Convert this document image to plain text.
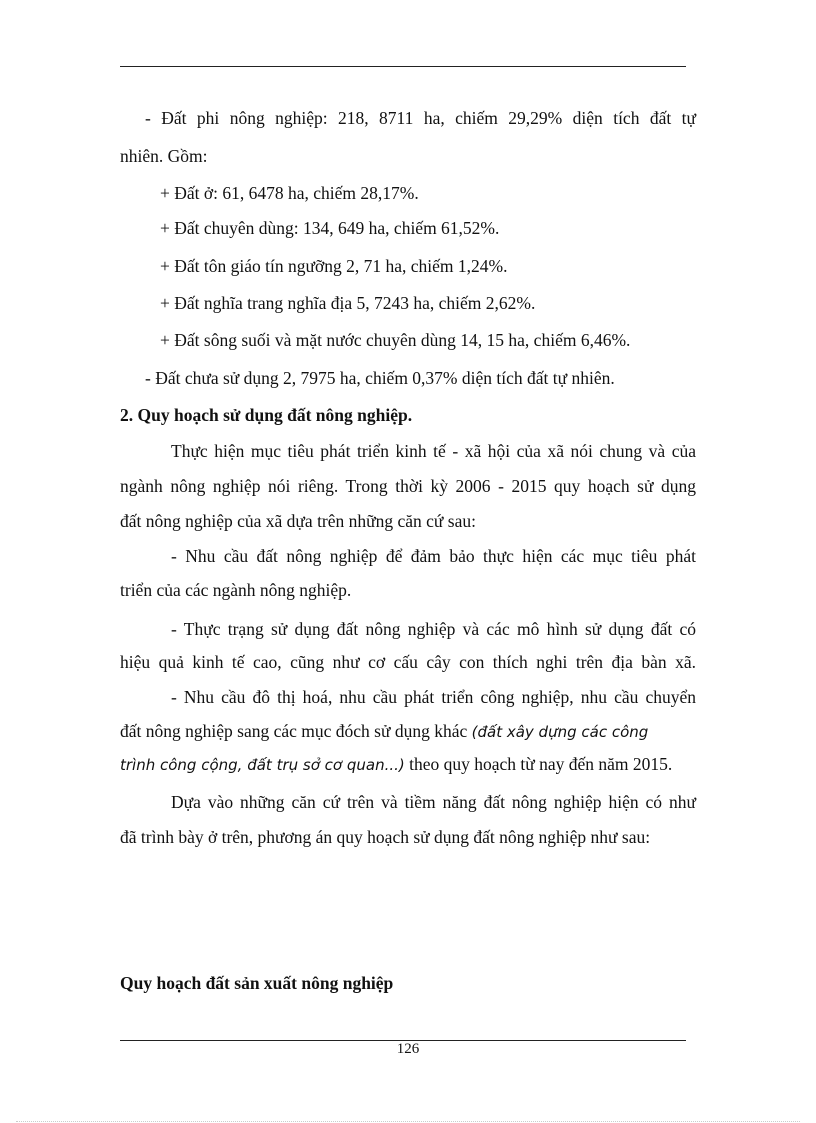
- Đất phi nông nghiệp: 218, 8711 ha, chiếm 29,29% diện tích đất tự
nhiên. Gồm:
+ Đất ở: 61, 6478 ha, chiếm 28,17%.
+ Đất chuyên dùng: 134, 649 ha, chiếm 61,52%.
+ Đất tôn giáo tín ngưỡng 2, 71 ha, chiếm 1,24%.
+ Đất nghĩa trang nghĩa địa 5, 7243 ha, chiếm 2,62%.
+ Đất sông suối và mặt nước chuyên dùng 14, 15 ha, chiếm 6,46%.
- Đất chưa sử dụng 2, 7975 ha, chiếm 0,37% diện tích đất tự nhiên.
2. Quy hoạch sử dụng đất nông nghiệp.
Thực hiện mục tiêu phát triển kinh tế - xã hội của xã nói chung và của
ngành nông nghiệp nói riêng. Trong thời kỳ 2006 - 2015 quy hoạch sử dụng
đất nông nghiệp của xã dựa trên những căn cứ sau:
- Nhu cầu đất nông nghiệp để đảm bảo thực hiện các mục tiêu phát
triển của các ngành nông nghiệp.
- Thực trạng sử dụng đất nông nghiệp và các mô hình sử dụng đất có
hiệu quả kinh tế cao, cũng như cơ cấu cây con thích nghi trên địa bàn xã.
- Nhu cầu đô thị hoá, nhu cầu phát triển công nghiệp, nhu cầu chuyển
đất nông nghiệp sang các mục đóch sử dụng khác (đất xây dựng các công
trình công cộng, đất trụ sở cơ quan...) theo quy hoạch từ nay đến năm 2015.
Dựa vào những căn cứ trên và tiềm năng đất nông nghiệp hiện có như
đã trình bày ở trên, phương án quy hoạch sử dụng đất nông nghiệp như sau:
Quy hoạch đất sản xuất nông nghiệp
126
